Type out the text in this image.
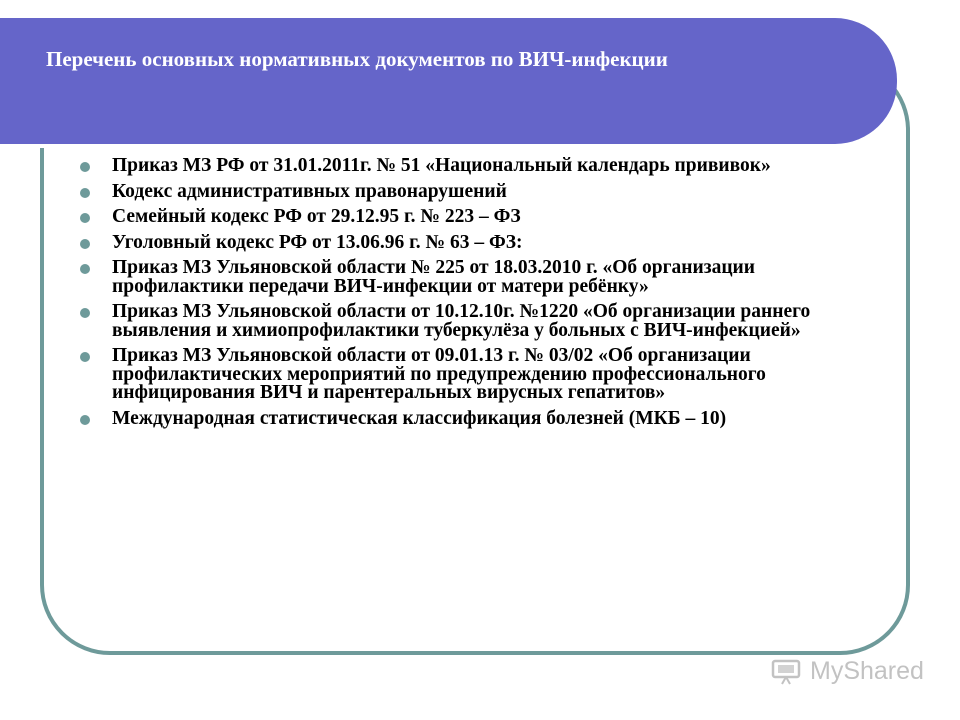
Перечень основных нормативных документов по ВИЧ-инфекции
Приказ МЗ РФ от 31.01.2011г. № 51 «Национальный календарь прививок»
Кодекс административных правонарушений
Семейный кодекс РФ от 29.12.95 г. № 223 – ФЗ
Уголовный кодекс РФ от 13.06.96 г. № 63 – ФЗ:
Приказ МЗ Ульяновской области № 225 от 18.03.2010 г. «Об организации профилактики передачи ВИЧ-инфекции от матери ребёнку»
Приказ МЗ Ульяновской области от 10.12.10г. №1220 «Об организации раннего выявления и химиопрофилактики туберкулёза у больных с ВИЧ-инфекцией»
Приказ МЗ Ульяновской области от 09.01.13 г. № 03/02 «Об организации профилактических мероприятий по предупреждению профессионального инфицирования ВИЧ и парентеральных вирусных гепатитов»
Международная статистическая классификация болезней (МКБ – 10)
MyShared
